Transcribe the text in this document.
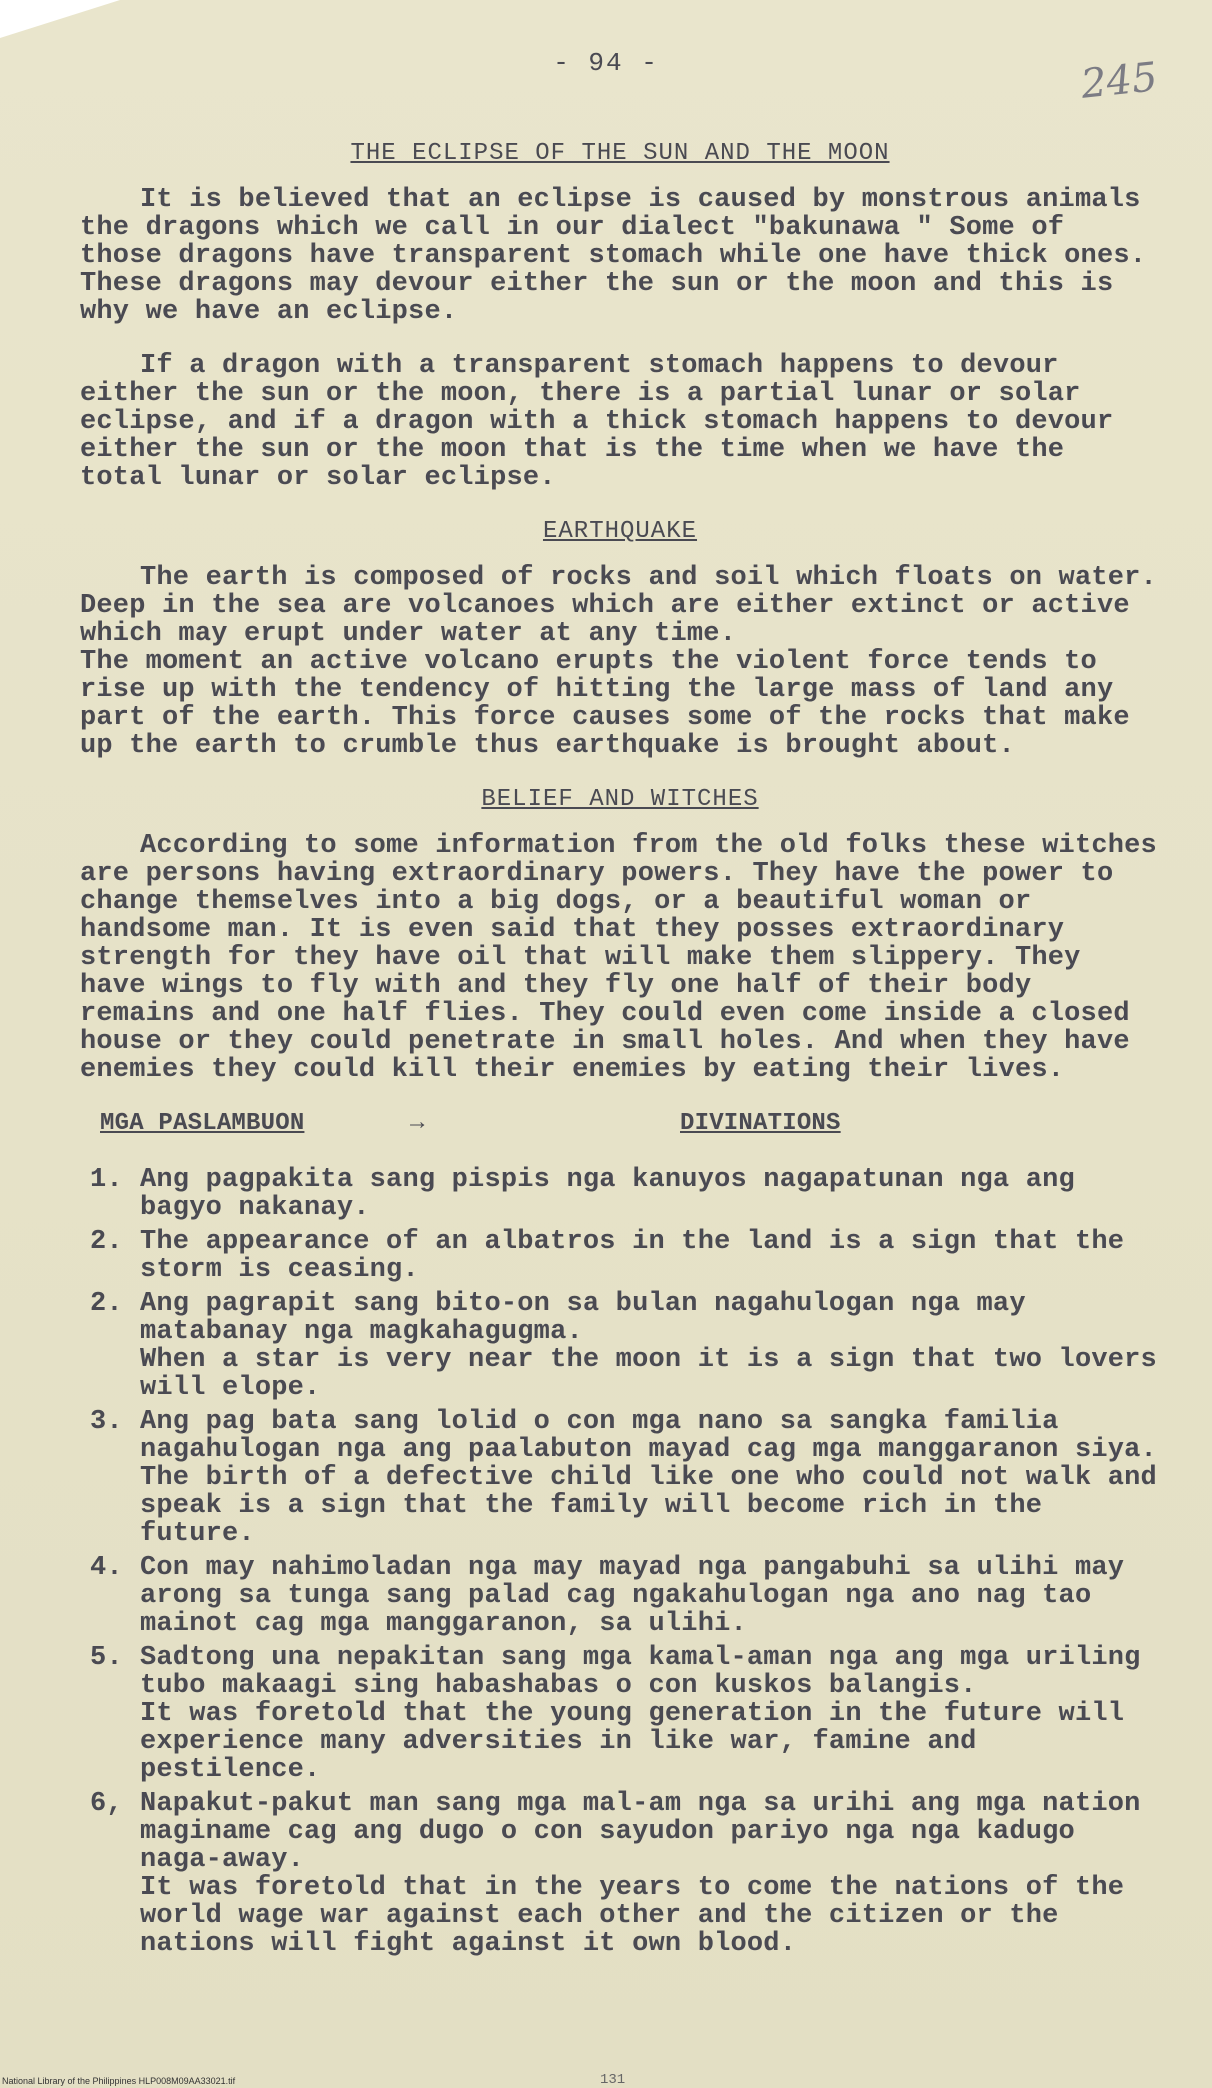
- 94 -	245
THE ECLIPSE OF THE SUN AND THE MOON

It is believed that an eclipse is caused by monstrous animals the dragons which we call in our dialect "bakunawa " Some of those dragons have transparent stomach while one have thick ones. These dragons may devour either the sun or the moon and this is why we have an eclipse.

If a dragon with a transparent stomach happens to devour either the sun or the moon, there is a partial lunar or solar eclipse, and if a dragon with a thick stomach happens to devour either the sun or the moon that is the time when we have the total lunar or solar eclipse.

EARTHQUAKE

The earth is composed of rocks and soil which floats on water. Deep in the sea are volcanoes which are either extinct or active which may erupt under water at any time.
The moment an active volcano erupts the violent force tends to rise up with the tendency of hitting the large mass of land any part of the earth. This force causes some of the rocks that make up the earth to crumble thus earthquake is brought about.

BELIEF AND WITCHES

According to some information from the old folks these witches are persons having extraordinary powers. They have the power to change themselves into a big dogs, or a beautiful woman or handsome man. It is even said that they posses extraordinary strength for they have oil that will make them slippery. They have wings to fly with and they fly one half of their body remains and one half flies. They could even come inside a closed house or they could penetrate in small holes. And when they have enemies they could kill their enemies by eating their lives.

MGA PASLAMBUON	→	DIVINATIONS
1. Ang pagpakita sang pispis nga kanuyos nagapatunan nga ang bagyo nakanay.
2. The appearance of an albatros in the land is a sign that the storm is ceasing.
2. Ang pagrapit sang bito-on sa bulan nagahulogan nga may matabanay nga magkahagugma.
When a star is very near the moon it is a sign that two lovers will elope.
3. Ang pag bata sang lolid o con mga nano sa sangka familia nagahulogan nga ang paalabuton mayad cag mga manggaranon siya.
The birth of a defective child like one who could not walk and speak is a sign that the family will become rich in the future.
4. Con may nahimoladan nga may mayad nga pangabuhi sa ulihi may arong sa tunga sang palad cag ngakahulogan nga ano nag tao mainot cag mga manggaranon, sa ulihi.
5. Sadtong una nepakitan sang mga kamal-aman nga ang mga uriling tubo makaagi sing habashabas o con kuskos balangis.
It was foretold that the young generation in the future will experience many adversities in like war, famine and pestilence.
6, Napakut-pakut man sang mga mal-am nga sa urihi ang mga nation maginame cag ang dugo o con sayudon pariyo nga nga kadugo naga-away.
It was foretold that in the years to come the nations of the world wage war against each other and the citizen or the nations will fight against it own blood.
National Library of the Philippines HLP008M09AA33021.tif	131
